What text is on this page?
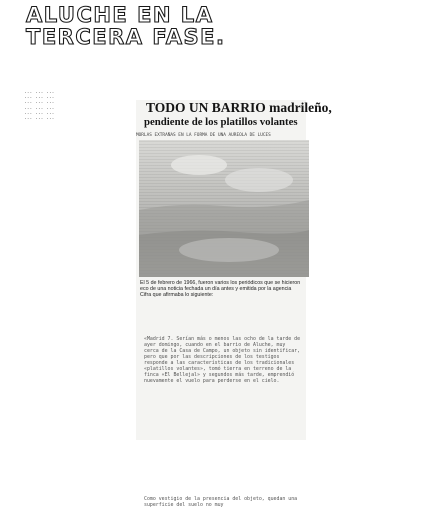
ALUCHE EN LA
TERCERA FASE.
... ... ...
... ... ...
... ... ...
... ... ...
... ... ...
... ... ...
TODO UN BARRIO madrileño,
pendiente de los platillos volantes
MORLAS EXTRAÑAS EN LA FORMA DE UNA AUREOLA DE LUCES
El 5 de febrero de 1966, fueron varios los periódicos que se hicieron eco de una noticia fechada un día antes y emitida por la agencia Cifra que afirmaba lo siguiente:
«Madrid 7. Serían más o menos las ocho de la tarde de ayer domingo, cuando en el barrio de Aluche, muy cerca de la Casa de Campo, un objeto sin identificar, pero que por las descripciones de los testigos responde a las características de los tradicionales «platillos volantes», tomó tierra en terreno de la finca «El Bellejal» y segundos más tarde, emprendió nuevamente el vuelo para perderse en el cielo.
Como vestigio de la presencia del objeto, quedan una superficie del suelo no muy
